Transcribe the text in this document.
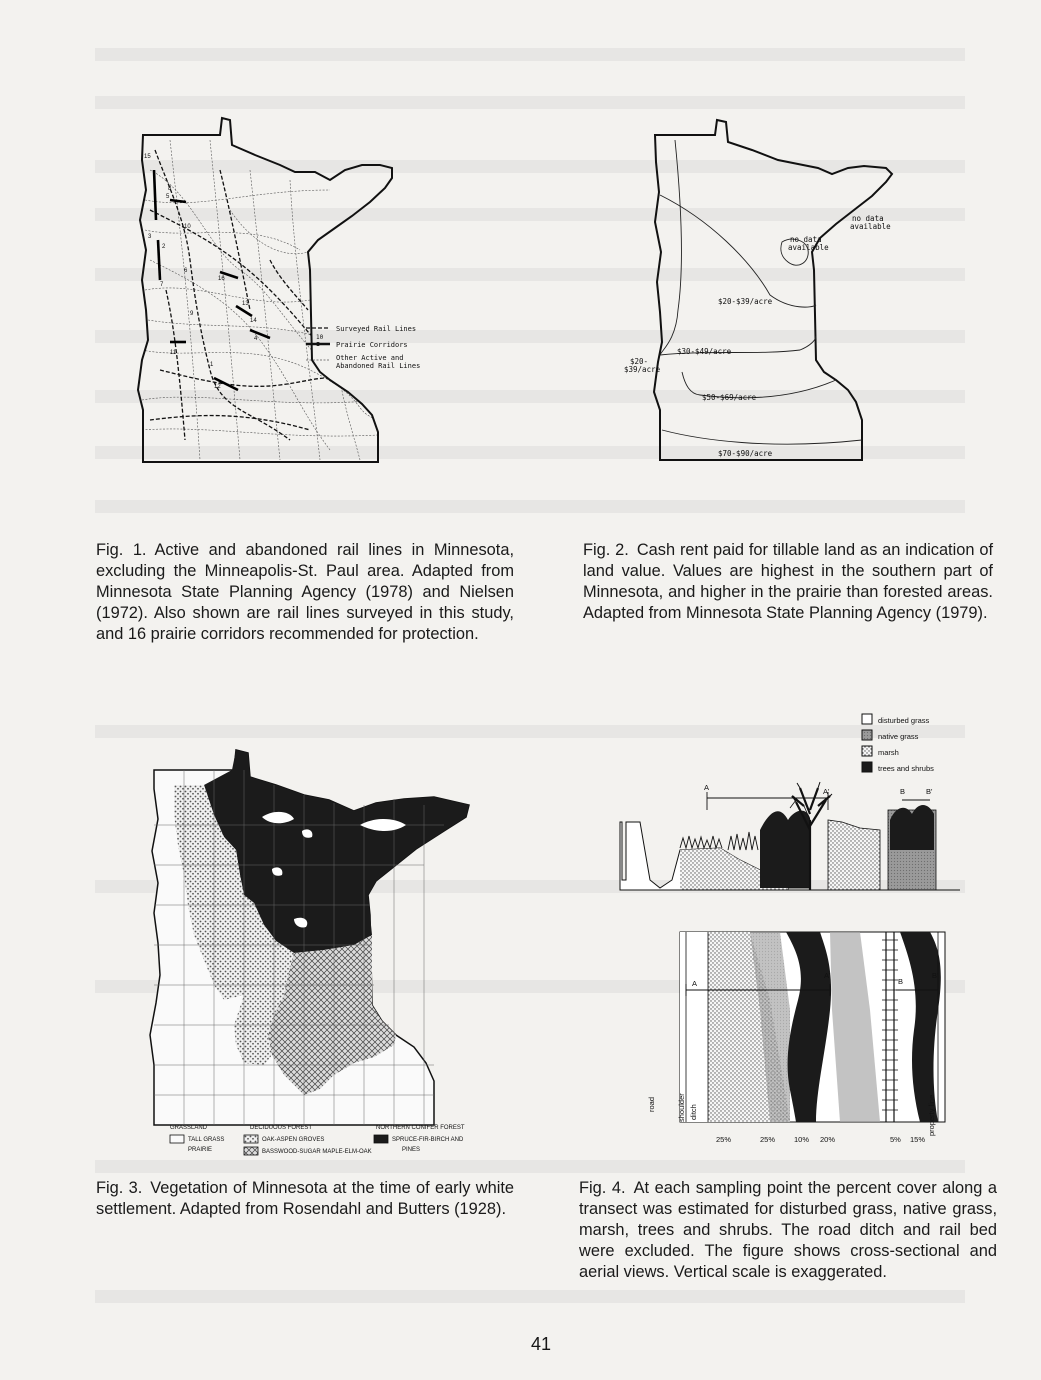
15
5
8
10
3
2
16
13
14
11
1
12
7
6
4
9
Surveyed Rail Lines
10
Prairie Corridors
Other Active and
Abandoned Rail Lines
Fig. 1. Active and abandoned rail lines in Minnesota, excluding the Minneapolis-St. Paul area. Adapted from Minnesota State Planning Agency (1978) and Nielsen (1972). Also shown are rail lines surveyed in this study, and 16 prairie corridors recommended for protection.
no data
available
no data
available
$20-$39/acre
$30-$49/acre
$20-
$39/acre
$50-$69/acre
$70-$90/acre
Fig. 2. Cash rent paid for tillable land as an indication of land value. Values are highest in the southern part of Minnesota, and higher in the prairie than forested areas. Adapted from Minnesota State Planning Agency (1979).
GRASSLAND
TALL GRASS
PRAIRIE
DECIDUOUS FOREST
OAK-ASPEN GROVES
BASSWOOD-SUGAR MAPLE-ELM-OAK
NORTHERN CONIFER FOREST
SPRUCE-FIR-BIRCH AND
PINES
Fig. 3. Vegetation of Minnesota at the time of early white settlement. Adapted from Rosendahl and Butters (1928).
disturbed grass
native grass
marsh
trees and shrubs
A	A'	B	B'
A
A'
B
B'
road	shoulder ditch	property line
25%	25%	10% 20%	5% 15%
Fig. 4. At each sampling point the percent cover along a transect was estimated for disturbed grass, native grass, marsh, trees and shrubs. The road ditch and rail bed were excluded. The figure shows cross-sectional and aerial views. Vertical scale is exaggerated.
41
